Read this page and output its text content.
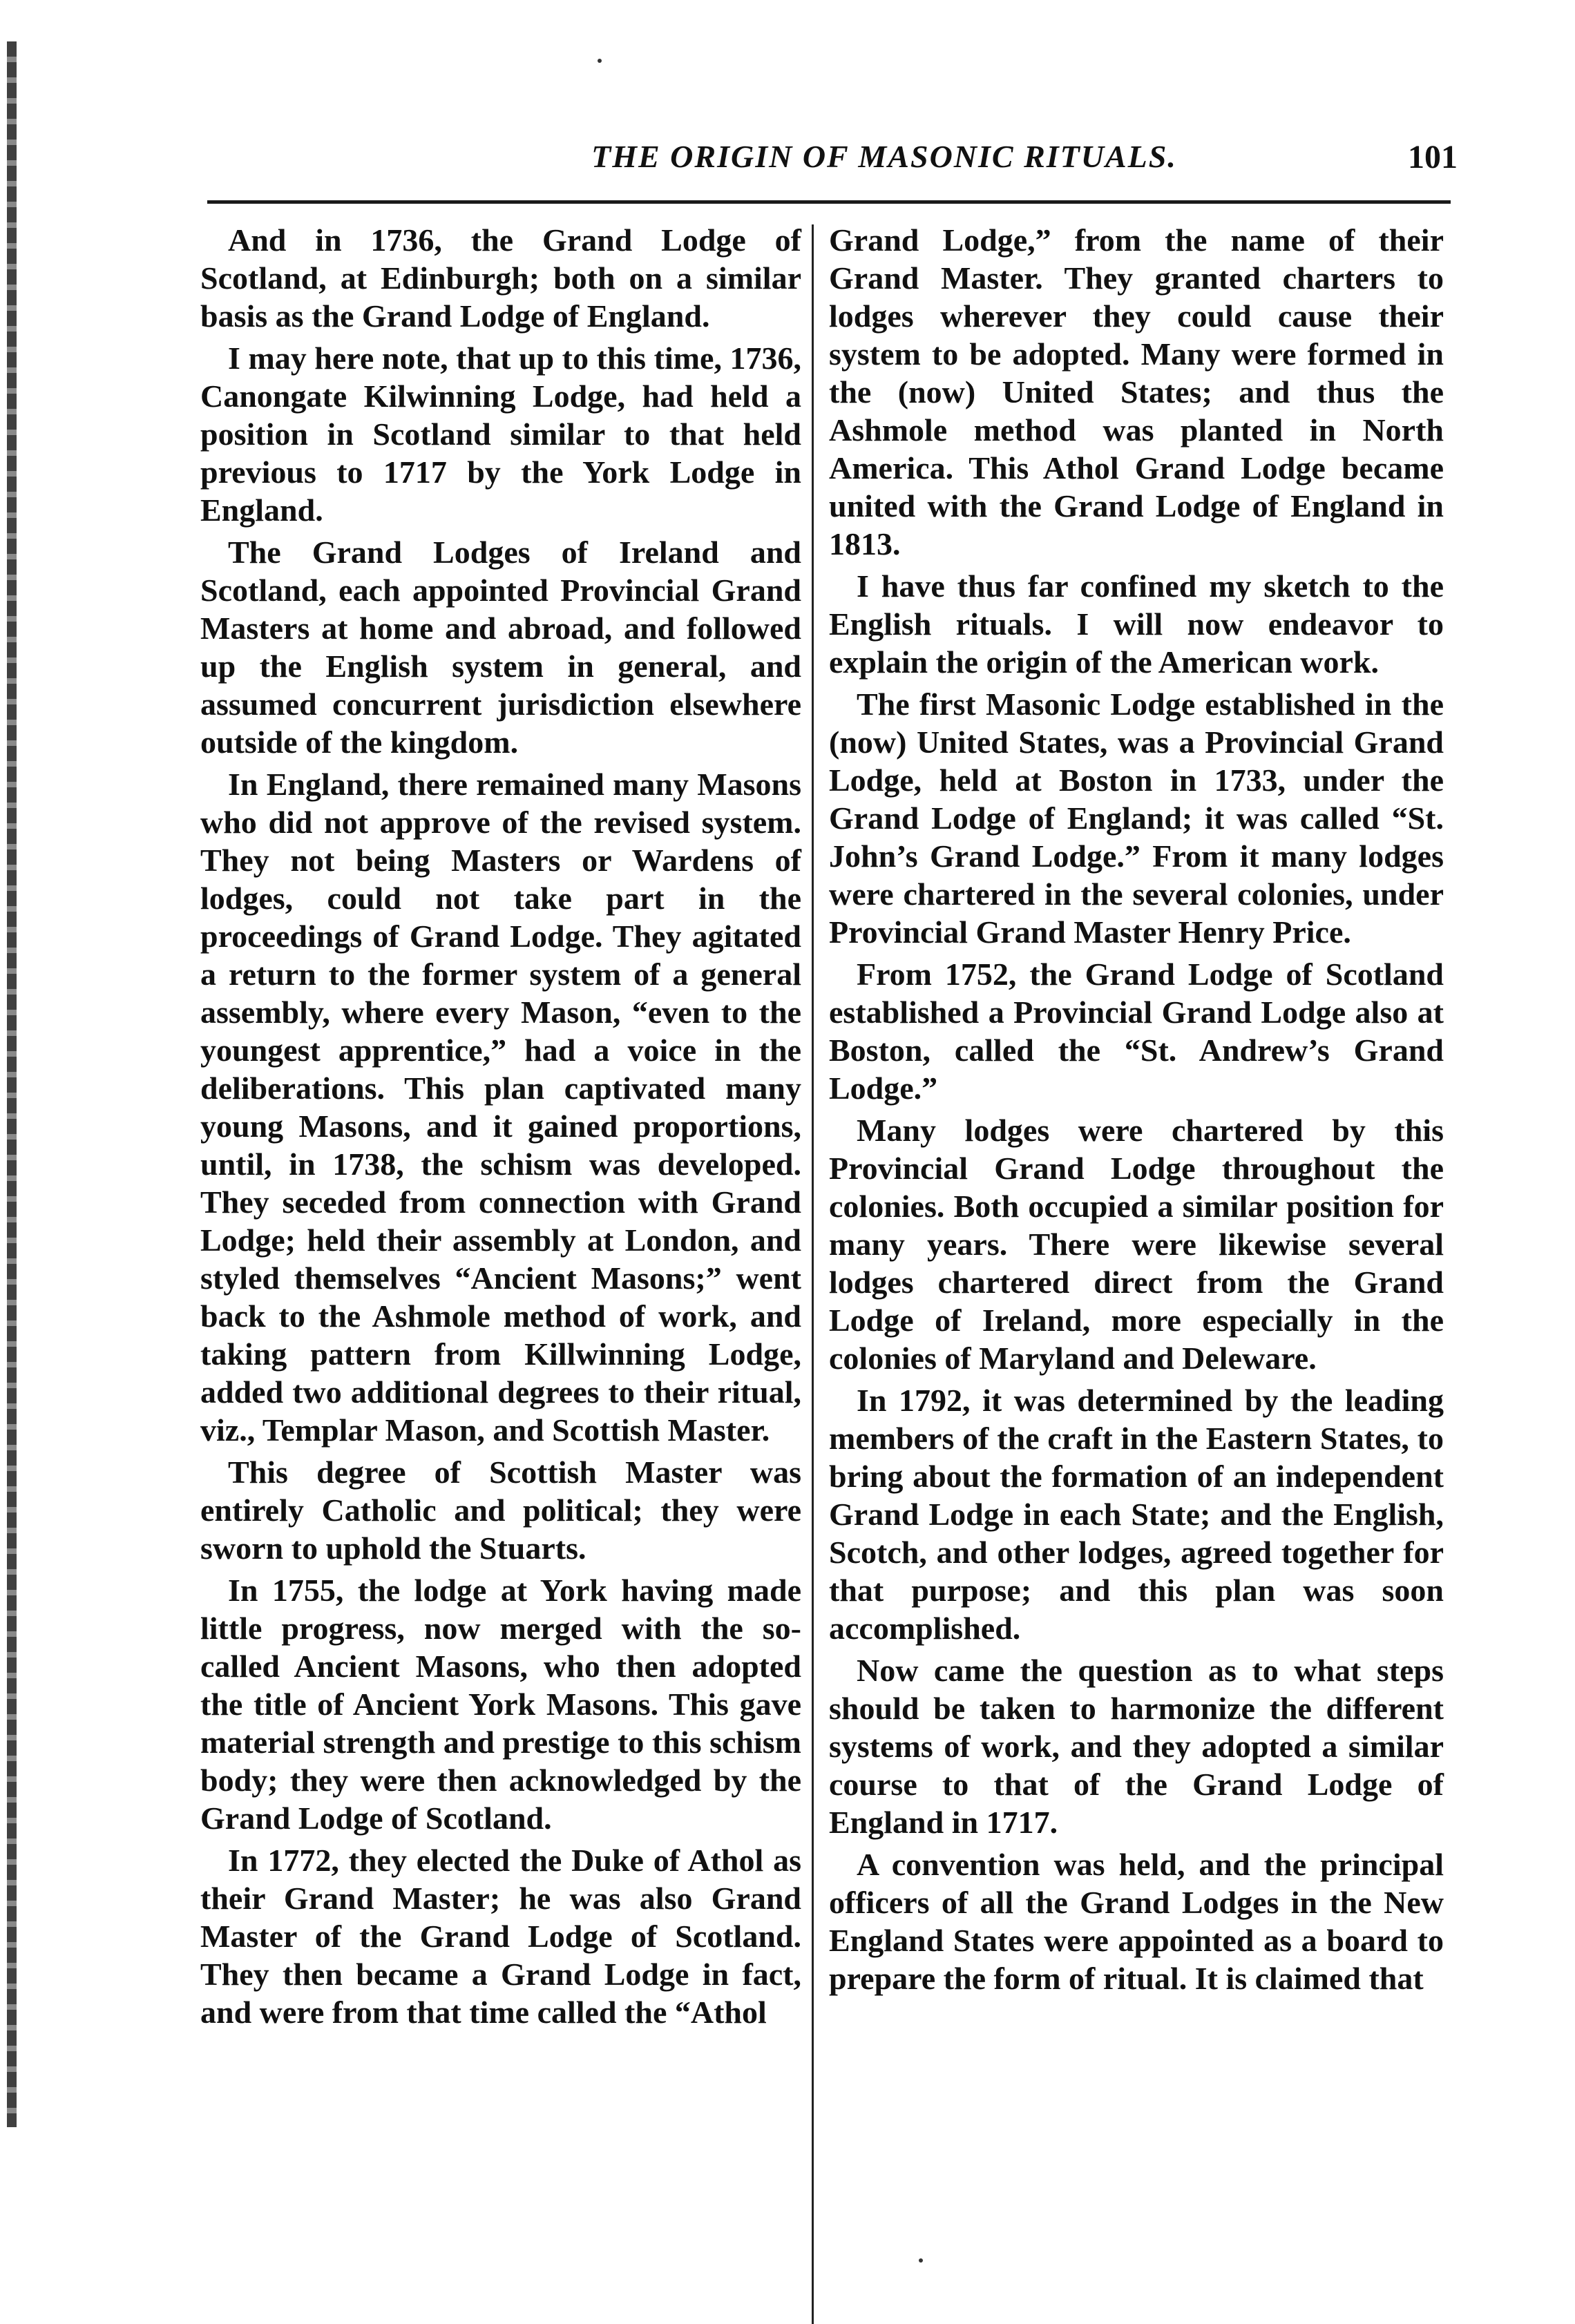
THE ORIGIN OF MASONIC RITUALS.	101

And in 1736, the Grand Lodge of Scotland, at Edinburgh; both on a similar basis as the Grand Lodge of England.

I may here note, that up to this time, 1736, Canongate Kilwinning Lodge, had held a position in Scotland similar to that held previous to 1717 by the York Lodge in England.

The Grand Lodges of Ireland and Scotland, each appointed Provincial Grand Masters at home and abroad, and followed up the English system in general, and assumed concurrent jurisdiction elsewhere outside of the kingdom.

In England, there remained many Masons who did not approve of the revised system. They not being Masters or Wardens of lodges, could not take part in the proceedings of Grand Lodge. They agitated a return to the former system of a general assembly, where every Mason, “even to the youngest apprentice,” had a voice in the deliberations. This plan captivated many young Masons, and it gained proportions, until, in 1738, the schism was developed. They seceded from connection with Grand Lodge; held their assembly at London, and styled themselves “Ancient Masons;” went back to the Ashmole method of work, and taking pattern from Killwinning Lodge, added two additional degrees to their ritual, viz., Templar Mason, and Scottish Master.

This degree of Scottish Master was entirely Catholic and political; they were sworn to uphold the Stuarts.

In 1755, the lodge at York having made little progress, now merged with the so-called Ancient Masons, who then adopted the title of Ancient York Masons. This gave material strength and prestige to this schism body; they were then acknowledged by the Grand Lodge of Scotland.

In 1772, they elected the Duke of Athol as their Grand Master; he was also Grand Master of the Grand Lodge of Scotland. They then became a Grand Lodge in fact, and were from that time called the “Athol

Grand Lodge,” from the name of their Grand Master. They granted charters to lodges wherever they could cause their system to be adopted. Many were formed in the (now) United States; and thus the Ashmole method was planted in North America. This Athol Grand Lodge became united with the Grand Lodge of England in 1813.

I have thus far confined my sketch to the English rituals. I will now endeavor to explain the origin of the American work.

The first Masonic Lodge established in the (now) United States, was a Provincial Grand Lodge, held at Boston in 1733, under the Grand Lodge of England; it was called “St. John’s Grand Lodge.” From it many lodges were chartered in the several colonies, under Provincial Grand Master Henry Price.

From 1752, the Grand Lodge of Scotland established a Provincial Grand Lodge also at Boston, called the “St. Andrew’s Grand Lodge.”

Many lodges were chartered by this Provincial Grand Lodge throughout the colonies. Both occupied a similar position for many years. There were likewise several lodges chartered direct from the Grand Lodge of Ireland, more especially in the colonies of Maryland and Deleware.

In 1792, it was determined by the leading members of the craft in the Eastern States, to bring about the formation of an independent Grand Lodge in each State; and the English, Scotch, and other lodges, agreed together for that purpose; and this plan was soon accomplished.

Now came the question as to what steps should be taken to harmonize the different systems of work, and they adopted a similar course to that of the Grand Lodge of England in 1717.

A convention was held, and the principal officers of all the Grand Lodges in the New England States were appointed as a board to prepare the form of ritual. It is claimed that
